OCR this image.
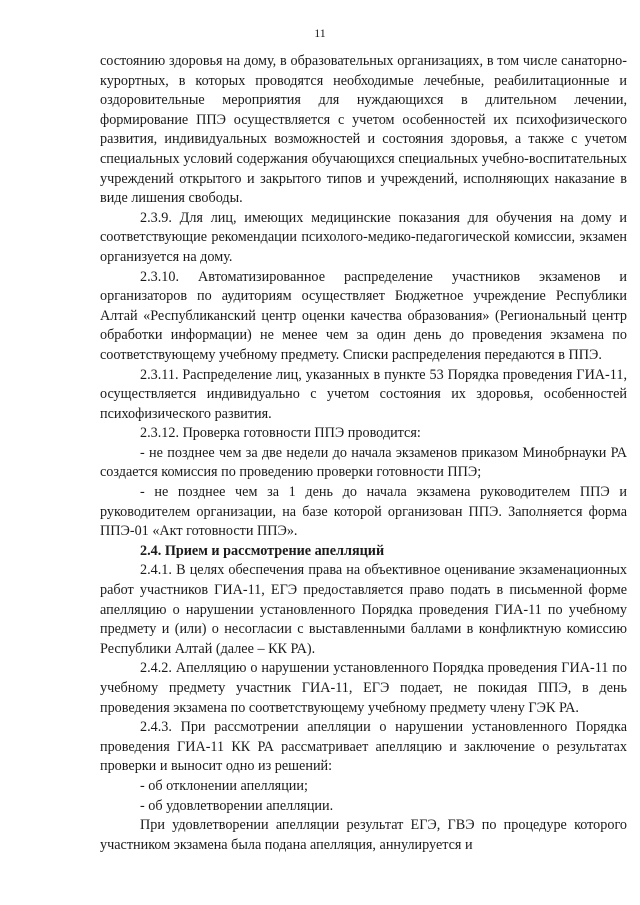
11

состоянию здоровья на дому, в образовательных организациях, в том числе санаторно-курортных, в которых проводятся необходимые лечебные, реабилитационные и оздоровительные мероприятия для нуждающихся в длительном лечении, формирование ППЭ осуществляется с учетом особенностей их психофизического развития, индивидуальных возможностей и состояния здоровья, а также с учетом специальных условий содержания обучающихся специальных учебно-воспитательных учреждений открытого и закрытого типов и учреждений, исполняющих наказание в виде лишения свободы.

2.3.9. Для лиц, имеющих медицинские показания для обучения на дому и соответствующие рекомендации психолого-медико-педагогической комиссии, экзамен организуется на дому.

2.3.10. Автоматизированное распределение участников экзаменов и организаторов по аудиториям осуществляет Бюджетное учреждение Республики Алтай «Республиканский центр оценки качества образования» (Региональный центр обработки информации) не менее чем за один день до проведения экзамена по соответствующему учебному предмету. Списки распределения передаются в ППЭ.

2.3.11. Распределение лиц, указанных в пункте 53 Порядка проведения ГИА-11, осуществляется индивидуально с учетом состояния их здоровья, особенностей психофизического развития.

2.3.12. Проверка готовности ППЭ проводится:

- не позднее чем за две недели до начала экзаменов приказом Минобрнауки РА создается комиссия по проведению проверки готовности ППЭ;

- не позднее чем за 1 день до начала экзамена руководителем ППЭ и руководителем организации, на базе которой организован ППЭ. Заполняется форма ППЭ-01 «Акт готовности ППЭ».

2.4. Прием и рассмотрение апелляций

2.4.1. В целях обеспечения права на объективное оценивание экзаменационных работ участников ГИА-11, ЕГЭ предоставляется право подать в письменной форме апелляцию о нарушении установленного Порядка проведения ГИА-11 по учебному предмету и (или) о несогласии с выставленными баллами в конфликтную комиссию Республики Алтай (далее – КК РА).

2.4.2. Апелляцию о нарушении установленного Порядка проведения ГИА-11 по учебному предмету участник ГИА-11, ЕГЭ подает, не покидая ППЭ, в день проведения экзамена по соответствующему учебному предмету члену ГЭК РА.

2.4.3. При рассмотрении апелляции о нарушении установленного Порядка проведения ГИА-11 КК РА рассматривает апелляцию и заключение о результатах проверки и выносит одно из решений:

- об отклонении апелляции;

- об удовлетворении апелляции.

При удовлетворении апелляции результат ЕГЭ, ГВЭ по процедуре которого участником экзамена была подана апелляция, аннулируется и
